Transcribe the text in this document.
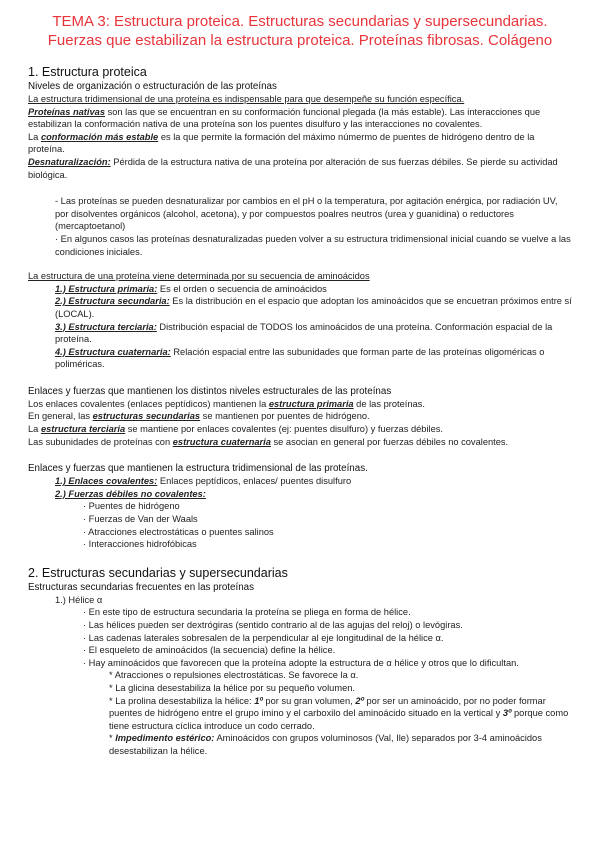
TEMA 3: Estructura proteica. Estructuras secundarias y supersecundarias. Fuerzas que estabilizan la estructura proteica. Proteínas fibrosas. Colágeno
1. Estructura proteica

Niveles de organización o estructuración de las proteínas

La estructura tridimensional de una proteína es indispensable para que desempeñe su función específica.

Proteínas nativas son las que se encuentran en su conformación funcional plegada (la más estable). Las interacciones que estabilizan la conformación nativa de una proteína son los puentes disulfuro y las interacciones no covalentes.

La conformación más estable es la que permite la formación del máximo númermo de puentes de hidrógeno dentro de la proteína.

Desnaturalización: Pérdida de la estructura nativa de una proteína por alteración de sus fuerzas débiles. Se pierde su actividad biológica.

- Las proteínas se pueden desnaturalizar por cambios en el pH o la temperatura, por agitación enérgica, por radiación UV, por disolventes orgánicos (alcohol, acetona), y por compuestos poalres neutros (urea y guanidina) o reductores (mercaptoetanol)

· En algunos casos las proteínas desnaturalizadas pueden volver a su estructura tridimensional inicial cuando se vuelve a las condiciones iniciales.

La estructura de una proteína viene determinada por su secuencia de aminoácidos

1.) Estructura primaria: Es el orden o secuencia de aminoácidos

2.) Estructura secundaria: Es la distribución en el espacio que adoptan los aminoácidos que se encuetran próximos entre sí (LOCAL).

3.) Estructura terciaria: Distribución espacial de TODOS los aminoácidos de una proteína. Conformación espacial de la proteína.

4.) Estructura cuaternaria: Relación espacial entre las subunidades que forman parte de las proteínas oligoméricas o poliméricas.

Enlaces y fuerzas que mantienen los distintos niveles estructurales de las proteínas

Los enlaces covalentes (enlaces peptídicos) mantienen la estructura primaria de las proteínas.

En general, las estructuras secundarias se mantienen por puentes de hidrógeno.

La estructura terciaria se mantiene por enlaces covalentes (ej: puentes disulfuro) y fuerzas débiles.

Las subunidades de proteínas con estructura cuaternaria se asocian en general por fuerzas débiles no covalentes.

Enlaces y fuerzas que mantienen la estructura tridimensional de las proteínas.

1.) Enlaces covalentes: Enlaces peptídicos, enlaces/ puentes disulfuro

2.) Fuerzas débiles no covalentes:

· Puentes de hidrógeno

· Fuerzas de Van der Waals

· Atracciones electrostáticas o puentes salinos

· Interacciones hidrofóbicas

2. Estructuras secundarias y supersecundarias

Estructuras secundarias frecuentes en las proteínas

1.) Hélice α

· En este tipo de estructura secundaria la proteína se pliega en forma de hélice.

· Las hélices pueden ser dextrógiras (sentido contrario al de las agujas del reloj) o levógiras.

· Las cadenas laterales sobresalen de la perpendicular al eje longitudinal de la hélice α.

· El esqueleto de aminoácidos (la secuencia) define la hélice.

· Hay aminoácidos que favorecen que la proteína adopte la estructura de α hélice y otros que lo dificultan.

* Atracciones o repulsiones electrostáticas. Se favorece la α.

* La glicina desestabiliza la hélice por su pequeño volumen.

* La prolina desestabiliza la hélice: 1º por su gran volumen, 2º por ser un aminoácido, por no poder formar puentes de hidrógeno entre el grupo imino y el carboxilo del aminoácido situado en la vertical y 3º porque como tiene estructura cíclica introduce un codo cerrado.

* Impedimento estérico: Aminoácidos con grupos voluminosos (Val, Ile) separados por 3-4 aminoácidos desestabilizan la hélice.
